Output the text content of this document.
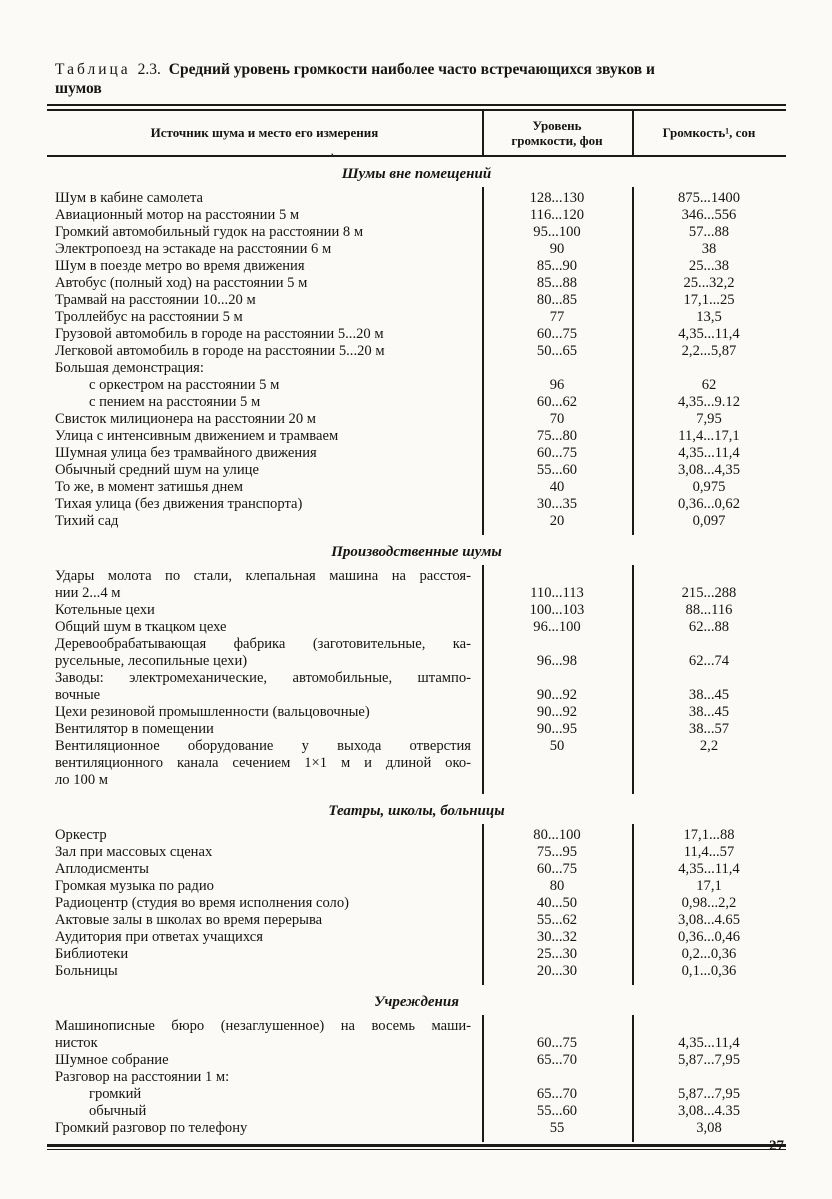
Таблица 2.3. Средний уровень громкости наиболее часто встречающихся звуков и шумов
Источник шума и место его измерения
Уровень
громкости, фон
Громкость¹, сон
Шумы вне помещений
Шум в кабине самолета	128...130	875...1400
Авиационный мотор на расстоянии 5 м	116...120	346...556
Громкий автомобильный гудок на расстоянии 8 м	95...100	57...88
Электропоезд на эстакаде на расстоянии 6 м	90	38
Шум в поезде метро во время движения	85...90	25...38
Автобус (полный ход) на расстоянии 5 м	85...88	25...32,2
Трамвай на расстоянии 10...20 м	80...85	17,1...25
Троллейбус на расстоянии 5 м	77	13,5
Грузовой автомобиль в городе на расстоянии 5...20 м	60...75	4,35...11,4
Легковой автомобиль в городе на расстоянии 5...20 м	50...65	2,2...5,87
Большая демонстрация:
с оркестром на расстоянии 5 м	96	62
с пением на расстоянии 5 м	60...62	4,35...9.12
Свисток милиционера на расстоянии 20 м	70	7,95
Улица с интенсивным движением и трамваем	75...80	11,4...17,1
Шумная улица без трамвайного движения	60...75	4,35...11,4
Обычный средний шум на улице	55...60	3,08...4,35
То же, в момент затишья днем	40	0,975
Тихая улица (без движения транспорта)	30...35	0,36...0,62
Тихий сад	20	0,097
Производственные шумы
Удары молота по стали, клепальная машина на расстоя-
нии 2...4 м	110...113	215...288
Котельные цехи	100...103	88...116
Общий шум в ткацком цехе	96...100	62...88
Деревообрабатывающая фабрика (заготовительные, ка-
русельные, лесопильные цехи)	96...98	62...74
Заводы: электромеханические, автомобильные, штампо-
вочные	90...92	38...45
Цехи резиновой промышленности (вальцовочные)	90...92	38...45
Вентилятор в помещении	90...95	38...57
Вентиляционное оборудование у выхода отверстия
вентиляционного канала сечением 1×1 м и длиной око-
ло 100 м
50	2,2
Театры, школы, больницы
Оркестр	80...100	17,1...88
Зал при массовых сценах	75...95	11,4...57
Аплодисменты	60...75	4,35...11,4
Громкая музыка по радио	80	17,1
Радиоцентр (студия во время исполнения соло)	40...50	0,98...2,2
Актовые залы в школах во время перерыва	55...62	3,08...4.65
Аудитория при ответах учащихся	30...32	0,36...0,46
Библиотеки	25...30	0,2...0,36
Больницы	20...30	0,1...0,36
Учреждения
Машинописные бюро (незаглушенное) на восемь маши-
нисток	60...75	4,35...11,4
Шумное собрание	65...70	5,87...7,95
Разговор на расстоянии 1 м:
громкий	65...70	5,87...7,95
обычный	55...60	3,08...4.35
Громкий разговор по телефону	55	3,08
’
27
